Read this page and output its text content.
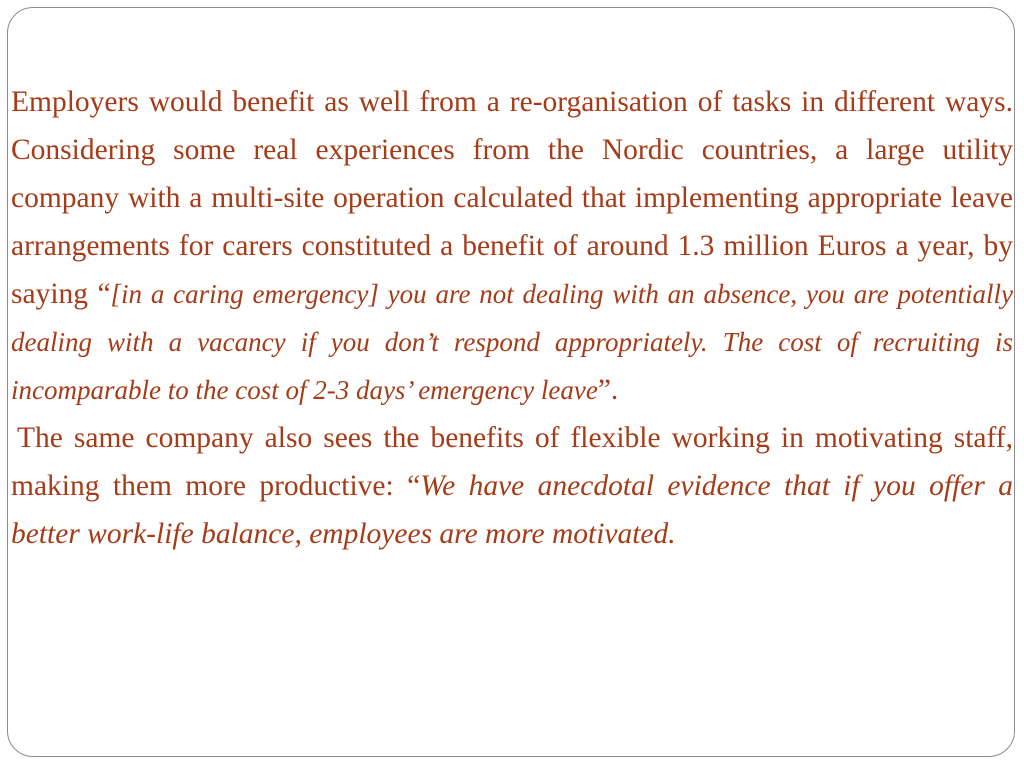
Employers would benefit as well from a re-organisation of tasks in different ways. Considering some real experiences from the Nordic countries, a large utility company with a multi-site operation calculated that implementing appropriate leave arrangements for carers constituted a benefit of around 1.3 million Euros a year, by saying “[in a caring emergency] you are not dealing with an absence, you are potentially dealing with a vacancy if you don’t respond appropriately. The cost of recruiting is incomparable to the cost of 2-3 days’ emergency leave”.

The same company also sees the benefits of flexible working in motivating staff, making them more productive: “We have anecdotal evidence that if you offer a better work-life balance, employees are more motivated.
